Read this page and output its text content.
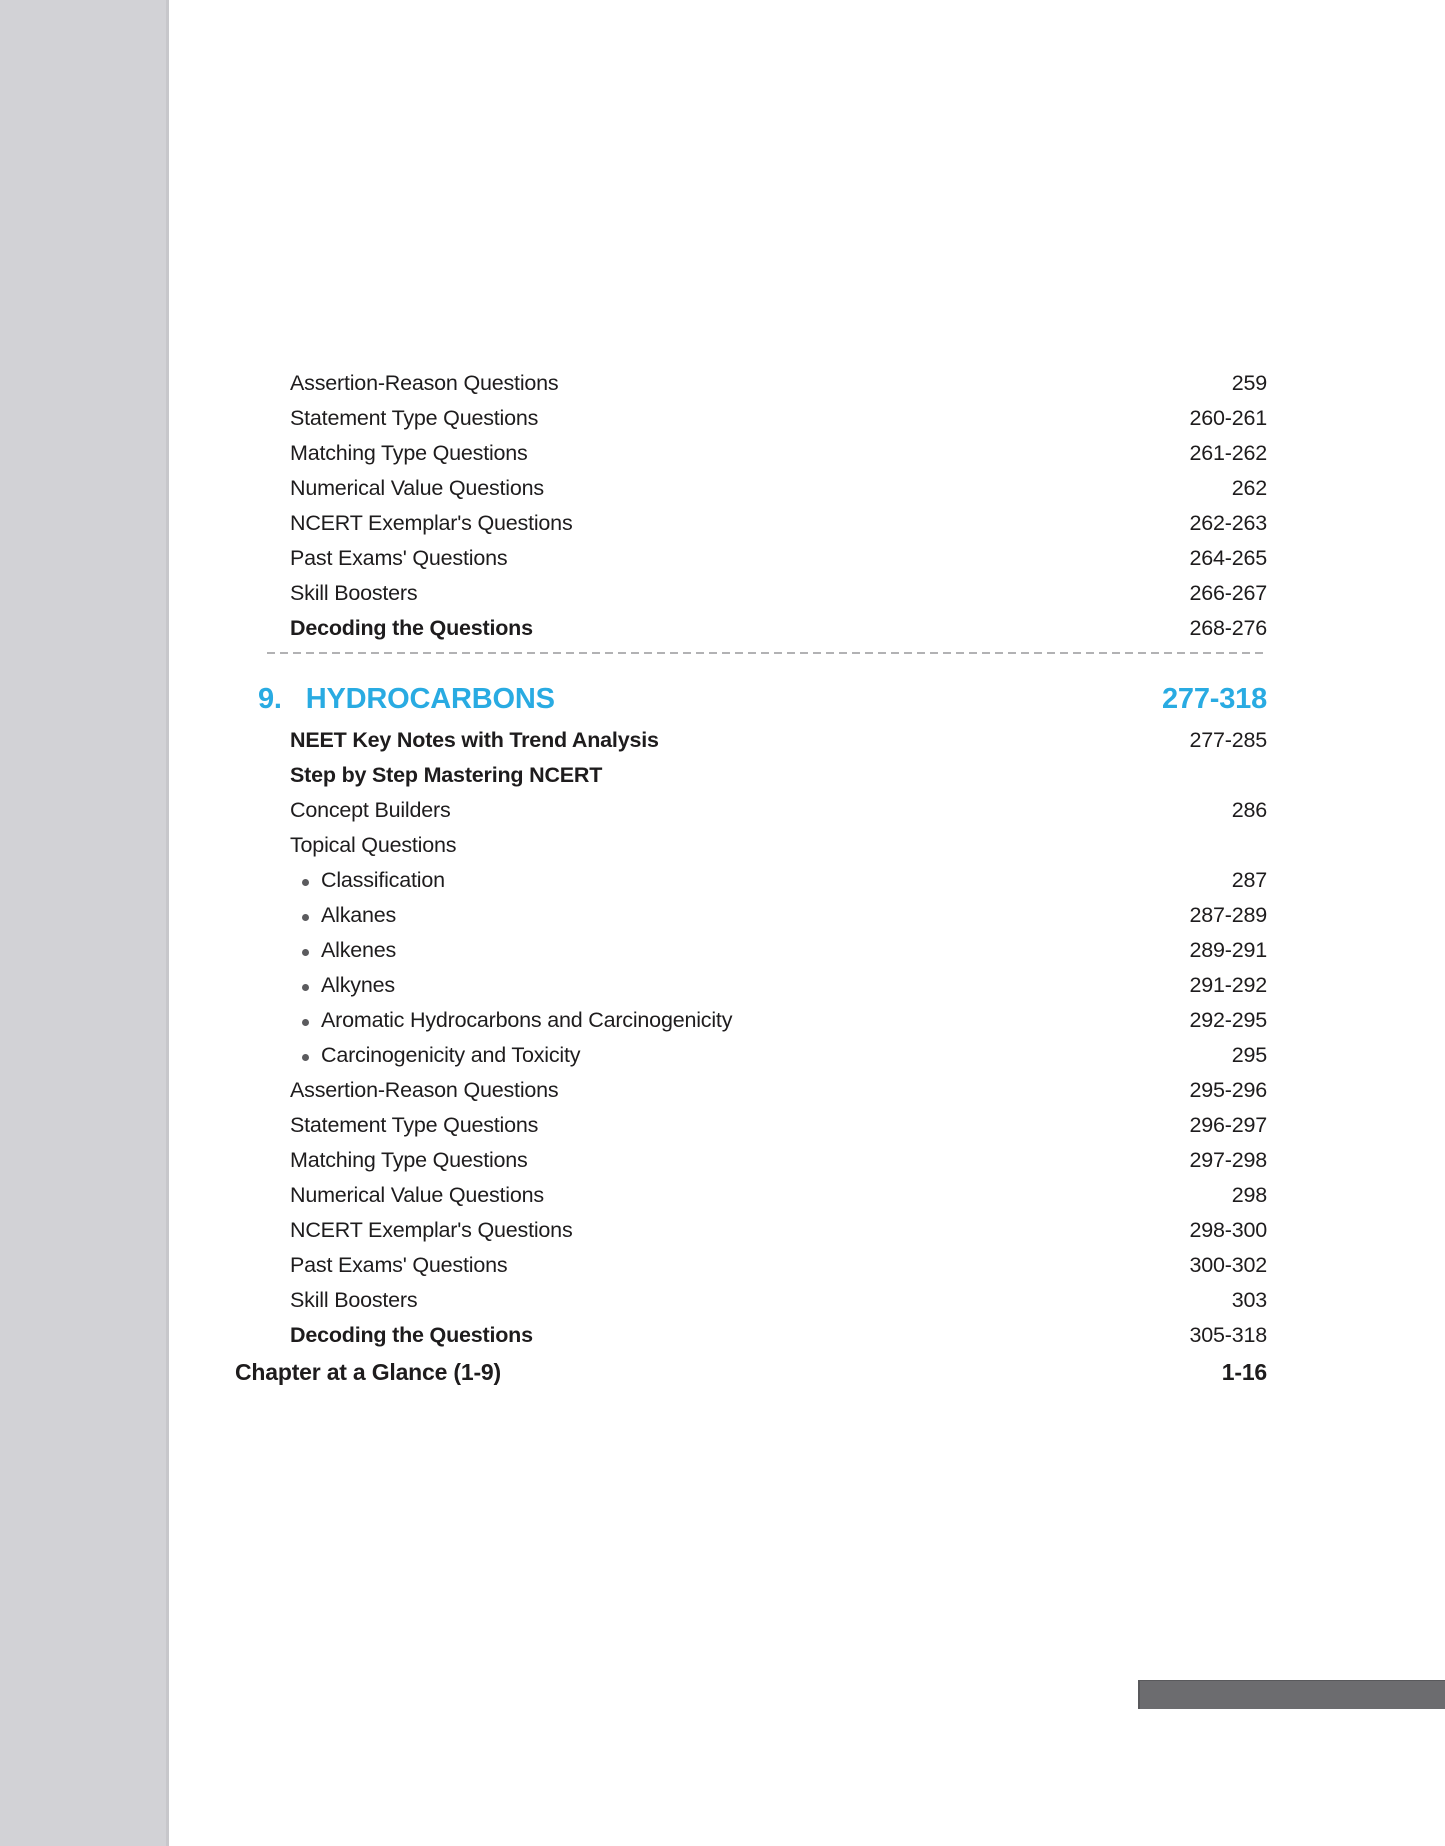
Assertion-Reason Questions	259
Statement Type Questions	260-261
Matching Type Questions	261-262
Numerical Value Questions	262
NCERT Exemplar's Questions	262-263
Past Exams' Questions	264-265
Skill Boosters	266-267
Decoding the Questions	268-276
9. HYDROCARBONS	277-318
NEET Key Notes with Trend Analysis	277-285
Step by Step Mastering NCERT
Concept Builders	286
Topical Questions
Classification	287
Alkanes	287-289
Alkenes	289-291
Alkynes	291-292
Aromatic Hydrocarbons and Carcinogenicity	292-295
Carcinogenicity and Toxicity	295
Assertion-Reason Questions	295-296
Statement Type Questions	296-297
Matching Type Questions	297-298
Numerical Value Questions	298
NCERT Exemplar's Questions	298-300
Past Exams' Questions	300-302
Skill Boosters	303
Decoding the Questions	305-318
Chapter at a Glance (1-9)	1-16
